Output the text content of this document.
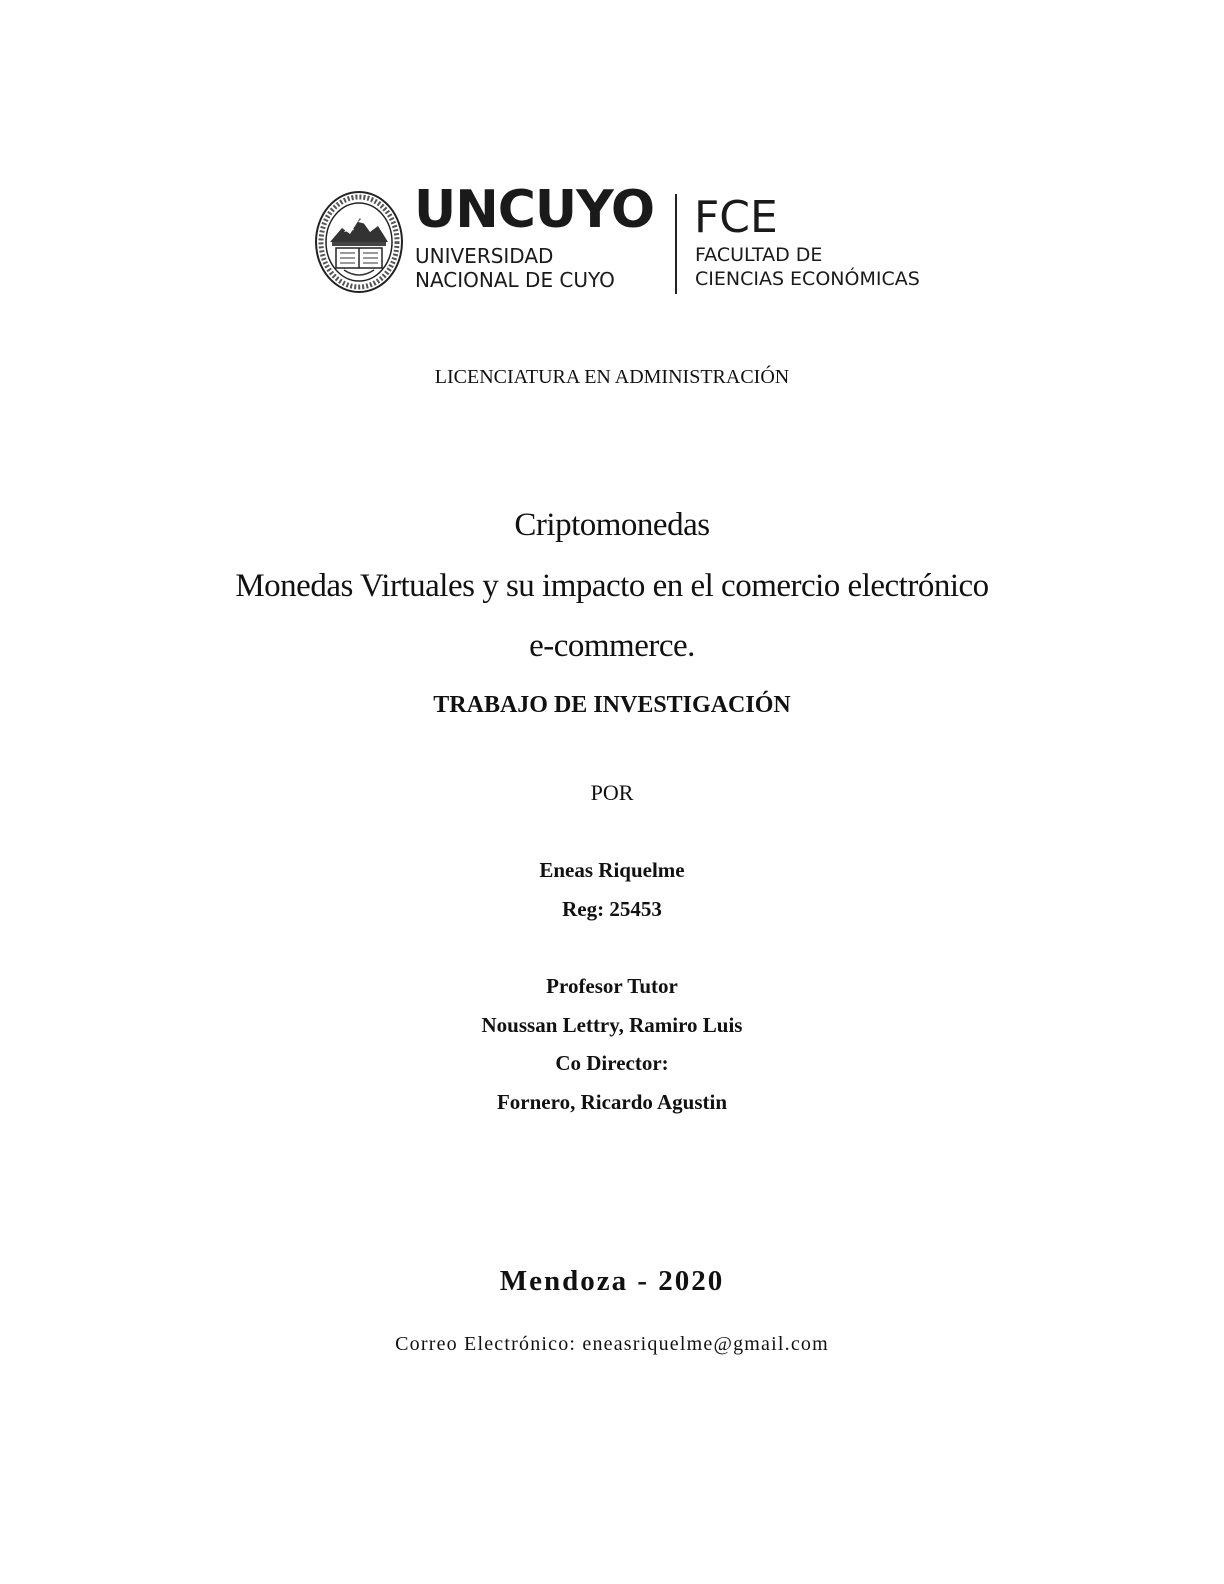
UNCUYO
UNIVERSIDAD
NACIONAL DE CUYO
FCE
FACULTAD DE
CIENCIAS ECONÓMICAS
LICENCIATURA EN ADMINISTRACIÓN
Criptomonedas
Monedas Virtuales y su impacto en el comercio electrónico
e-commerce.
TRABAJO DE INVESTIGACIÓN
POR
Eneas Riquelme
Reg: 25453
Profesor Tutor
Noussan Lettry, Ramiro Luis
Co Director:
Fornero, Ricardo Agustin
Mendoza - 2020
Correo Electrónico: eneasriquelme@gmail.com
